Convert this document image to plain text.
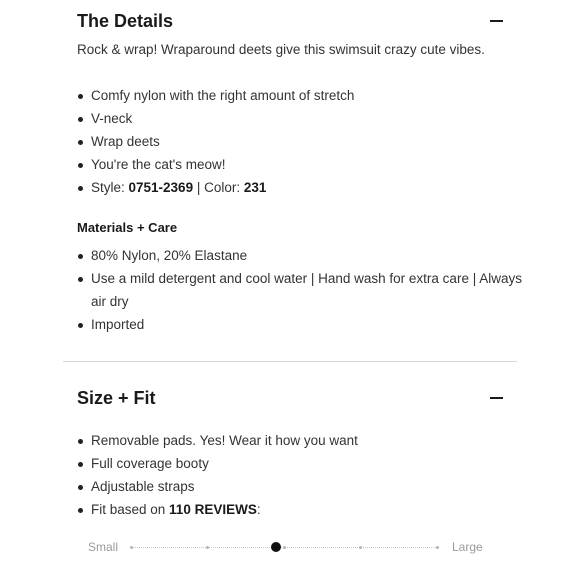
The Details
Rock & wrap! Wraparound deets give this swimsuit crazy cute vibes.
Comfy nylon with the right amount of stretch
V-neck
Wrap deets
You're the cat's meow!
Style: 0751-2369 | Color: 231
Materials + Care
80% Nylon, 20% Elastane
Use a mild detergent and cool water | Hand wash for extra care | Always
air dry
Imported
Size + Fit
Removable pads. Yes! Wear it how you want
Full coverage booty
Adjustable straps
Fit based on 110 REVIEWS:
Small	Large
